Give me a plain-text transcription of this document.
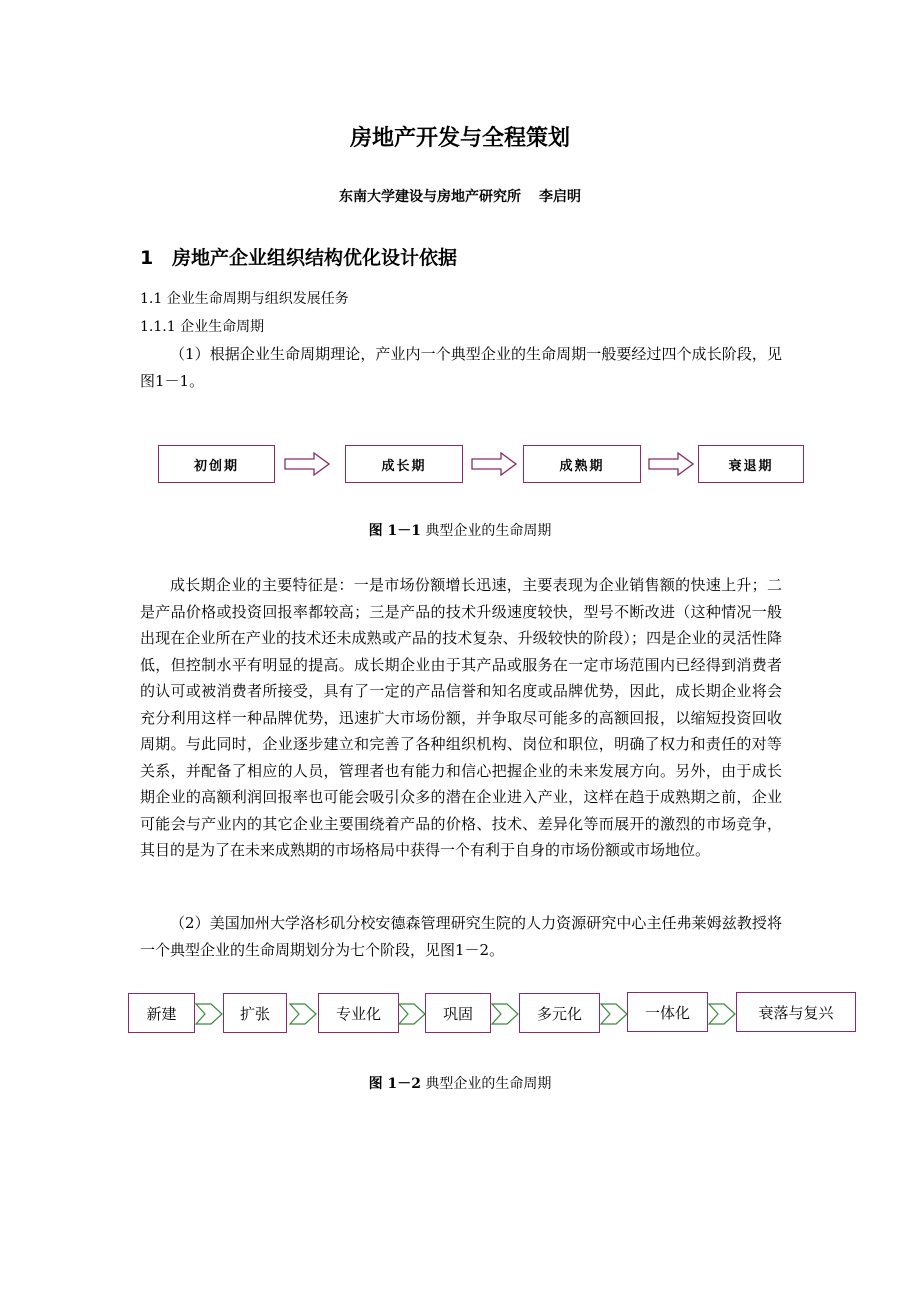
房地产开发与全程策划
东南大学建设与房地产研究所 李启明
1 房地产企业组织结构优化设计依据
1.1 企业生命周期与组织发展任务
1.1.1 企业生命周期
（1）根据企业生命周期理论，产业内一个典型企业的生命周期一般要经过四个成长阶段，见图1－1。
初创期	成长期	成熟期	衰退期
图 1－1 典型企业的生命周期
成长期企业的主要特征是：一是市场份额增长迅速，主要表现为企业销售额的快速上升；二是产品价格或投资回报率都较高；三是产品的技术升级速度较快，型号不断改进（这种情况一般出现在企业所在产业的技术还未成熟或产品的技术复杂、升级较快的阶段）；四是企业的灵活性降低，但控制水平有明显的提高。成长期企业由于其产品或服务在一定市场范围内已经得到消费者的认可或被消费者所接受，具有了一定的产品信誉和知名度或品牌优势，因此，成长期企业将会充分利用这样一种品牌优势，迅速扩大市场份额，并争取尽可能多的高额回报，以缩短投资回收周期。与此同时，企业逐步建立和完善了各种组织机构、岗位和职位，明确了权力和责任的对等关系，并配备了相应的人员，管理者也有能力和信心把握企业的未来发展方向。另外，由于成长期企业的高额利润回报率也可能会吸引众多的潜在企业进入产业，这样在趋于成熟期之前，企业可能会与产业内的其它企业主要围绕着产品的价格、技术、差异化等而展开的激烈的市场竞争，其目的是为了在未来成熟期的市场格局中获得一个有利于自身的市场份额或市场地位。
（2）美国加州大学洛杉矶分校安德森管理研究生院的人力资源研究中心主任弗莱姆兹教授将一个典型企业的生命周期划分为七个阶段，见图1－2。
新建	扩张	专业化	巩固	多元化	一体化	衰落与复兴
图 1－2 典型企业的生命周期
